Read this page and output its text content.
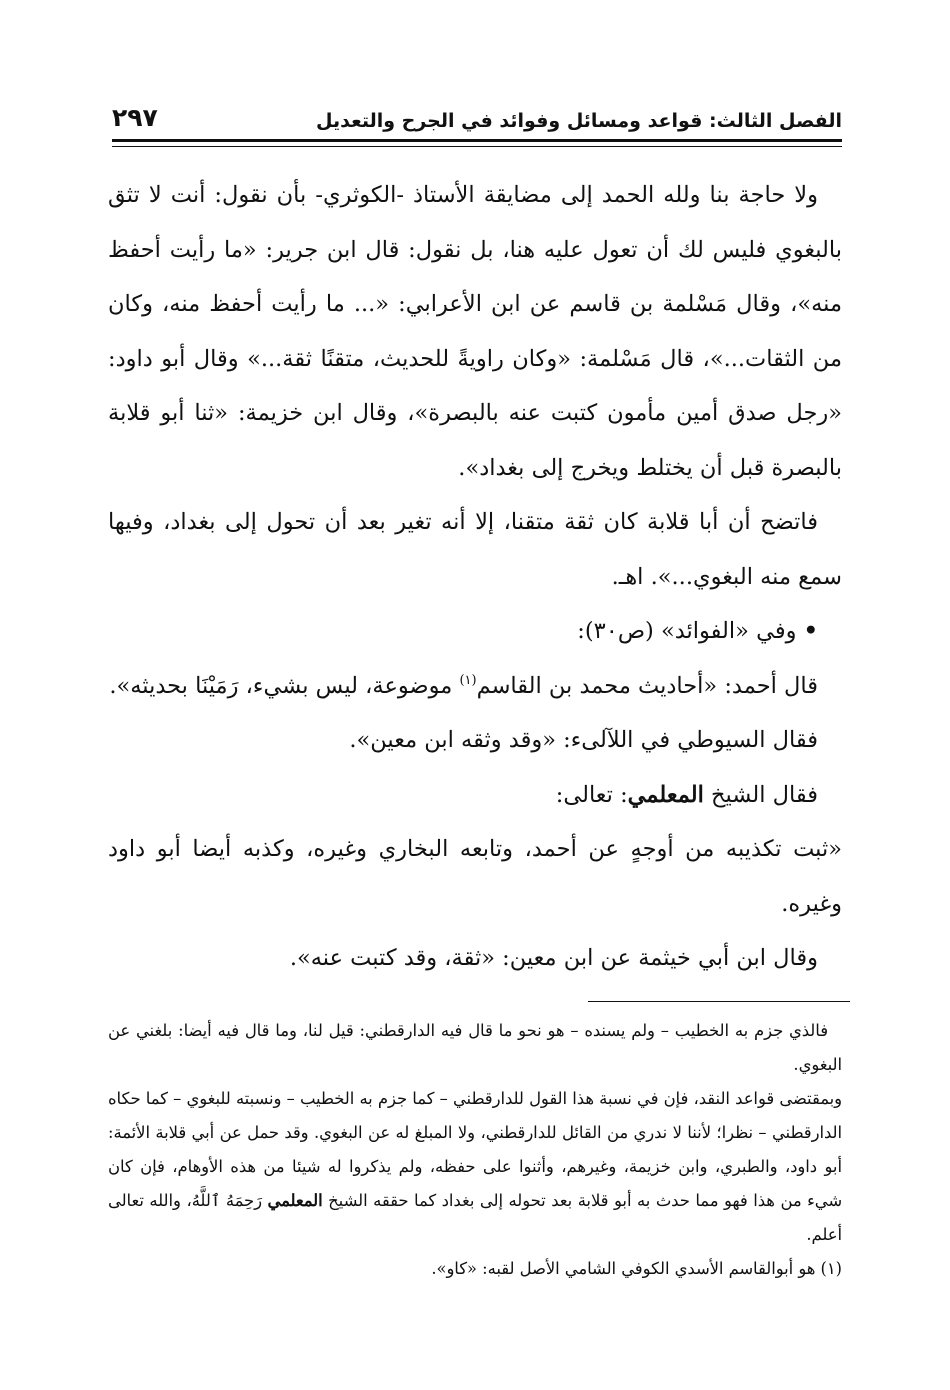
الفصل الثالث: قواعد ومسائل وفوائد في الجرح والتعديل
٢٩٧

ولا حاجة بنا ولله الحمد إلى مضايقة الأستاذ -الكوثري- بأن نقول: أنت لا تثق بالبغوي فليس لك أن تعول عليه هنا، بل نقول: قال ابن جرير: «ما رأيت أحفظ منه»، وقال مَسْلمة بن قاسم عن ابن الأعرابي: «... ما رأيت أحفظ منه، وكان من الثقات...»، قال مَسْلمة: «وكان راويةً للحديث، متقنًا ثقة...» وقال أبو داود: «رجل صدق أمين مأمون كتبت عنه بالبصرة»، وقال ابن خزيمة: «ثنا أبو قلابة بالبصرة قبل أن يختلط ويخرج إلى بغداد».

فاتضح أن أبا قلابة كان ثقة متقنا، إلا أنه تغير بعد أن تحول إلى بغداد، وفيها سمع منه البغوي...». اهـ.

• وفي «الفوائد» (ص٣٠):

قال أحمد: «أحاديث محمد بن القاسم$^{(١)}$ موضوعة، ليس بشيء، رَمَيْنَا بحديثه».

فقال السيوطي في اللآلىء: «وقد وثقه ابن معين».

فقال الشيخ المعلمي: تعالى:

«ثبت تكذيبه من أوجهٍ عن أحمد، وتابعه البخاري وغيره، وكذبه أيضا أبو داود وغيره.

وقال ابن أبي خيثمة عن ابن معين: «ثقة، وقد كتبت عنه».

فالذي جزم به الخطيب – ولم يسنده – هو نحو ما قال فيه الدارقطني: قيل لنا، وما قال فيه أيضا: بلغني عن البغوي.

وبمقتضى قواعد النقد، فإن في نسبة هذا القول للدارقطني – كما جزم به الخطيب – ونسبته للبغوي – كما حكاه الدارقطني – نظرا؛ لأننا لا ندري من القائل للدارقطني، ولا المبلغ له عن البغوي. وقد حمل عن أبي قلابة الأئمة: أبو داود، والطبري، وابن خزيمة، وغيرهم، وأثنوا على حفظه، ولم يذكروا له شيئا من هذه الأوهام، فإن كان شيء من هذا فهو مما حدث به أبو قلابة بعد تحوله إلى بغداد كما حققه الشيخ المعلمي رَحِمَهُ ٱللَّهُ، والله تعالى أعلم.

(١) هو أبوالقاسم الأسدي الكوفي الشامي الأصل لقبه: «كاو».
